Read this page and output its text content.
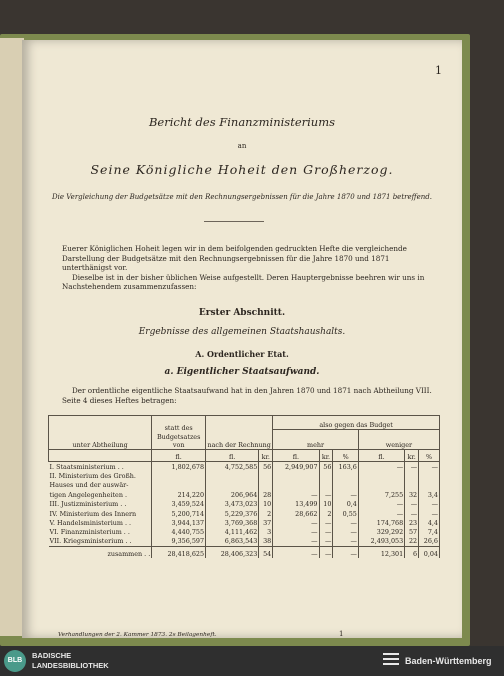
1
Bericht des Finanzministeriums
an
Seine Königliche Hoheit den Großherzog.
Die Vergleichung der Budgetsätze mit den Rechnungsergebnissen für die Jahre 1870 und 1871 betreffend.
Euerer Königlichen Hoheit legen wir in dem beifolgenden gedruckten Hefte die vergleichende Darstellung der Budgetsätze mit den Rechnungsergebnissen für die Jahre 1870 und 1871 unterthänigst vor.
Dieselbe ist in der bisher üblichen Weise aufgestellt. Deren Hauptergebnisse beehren wir uns in Nachstehendem zusammenzufassen:
Erster Abschnitt.
Ergebnisse des allgemeinen Staatshaushalts.
A. Ordentlicher Etat.
a. Eigentlicher Staatsaufwand.
Der ordentliche eigentliche Staatsaufwand hat in den Jahren 1870 und 1871 nach Abtheilung VIII. Seite 4 dieses Heftes betragen:
unter Abtheilung	statt des Budgetsatzes von	nach der Rechnung		also gegen das Budget					
				mehr			weniger		

	fl.	fl.	kr.	fl.	kr.	%	fl.	kr.	%
I. Staatsministerium . .	1,802,678	4,752,585	56	2,949,907	56	163,6	—	—	—
II. Ministerium des Großh.									
Hauses und der auswär-									
tigen Angelegenheiten .	214,220	206,964	28	—	—	—	7,255	32	3,4
III. Justizministerium . .	3,459,524	3,473,023	10	13,499	10	0,4	—	—	—
IV. Ministerium des Innern	5,200,714	5,229,376	2	28,662	2	0,55	—	—	—
V. Handelsministerium . .	3,944,137	3,769,368	37	—	—	—	174,768	23	4,4
VI. Finanzministerium . .	4,440,755	4,111,462	3	—	—	—	329,292	57	7,4
VII. Kriegsministerium . .	9,356,597	6,863,543	38	—	—	—	2,493,053	22	26,6
zusammen . .	28,418,625	28,406,323	54	—	—	—	12,301	6	0,04
Verhandlungen der 2. Kammer 1873. 2s Beilagenheft.	1
BLB
BADISCHE
LANDESBIBLIOTHEK	Baden-Württemberg
